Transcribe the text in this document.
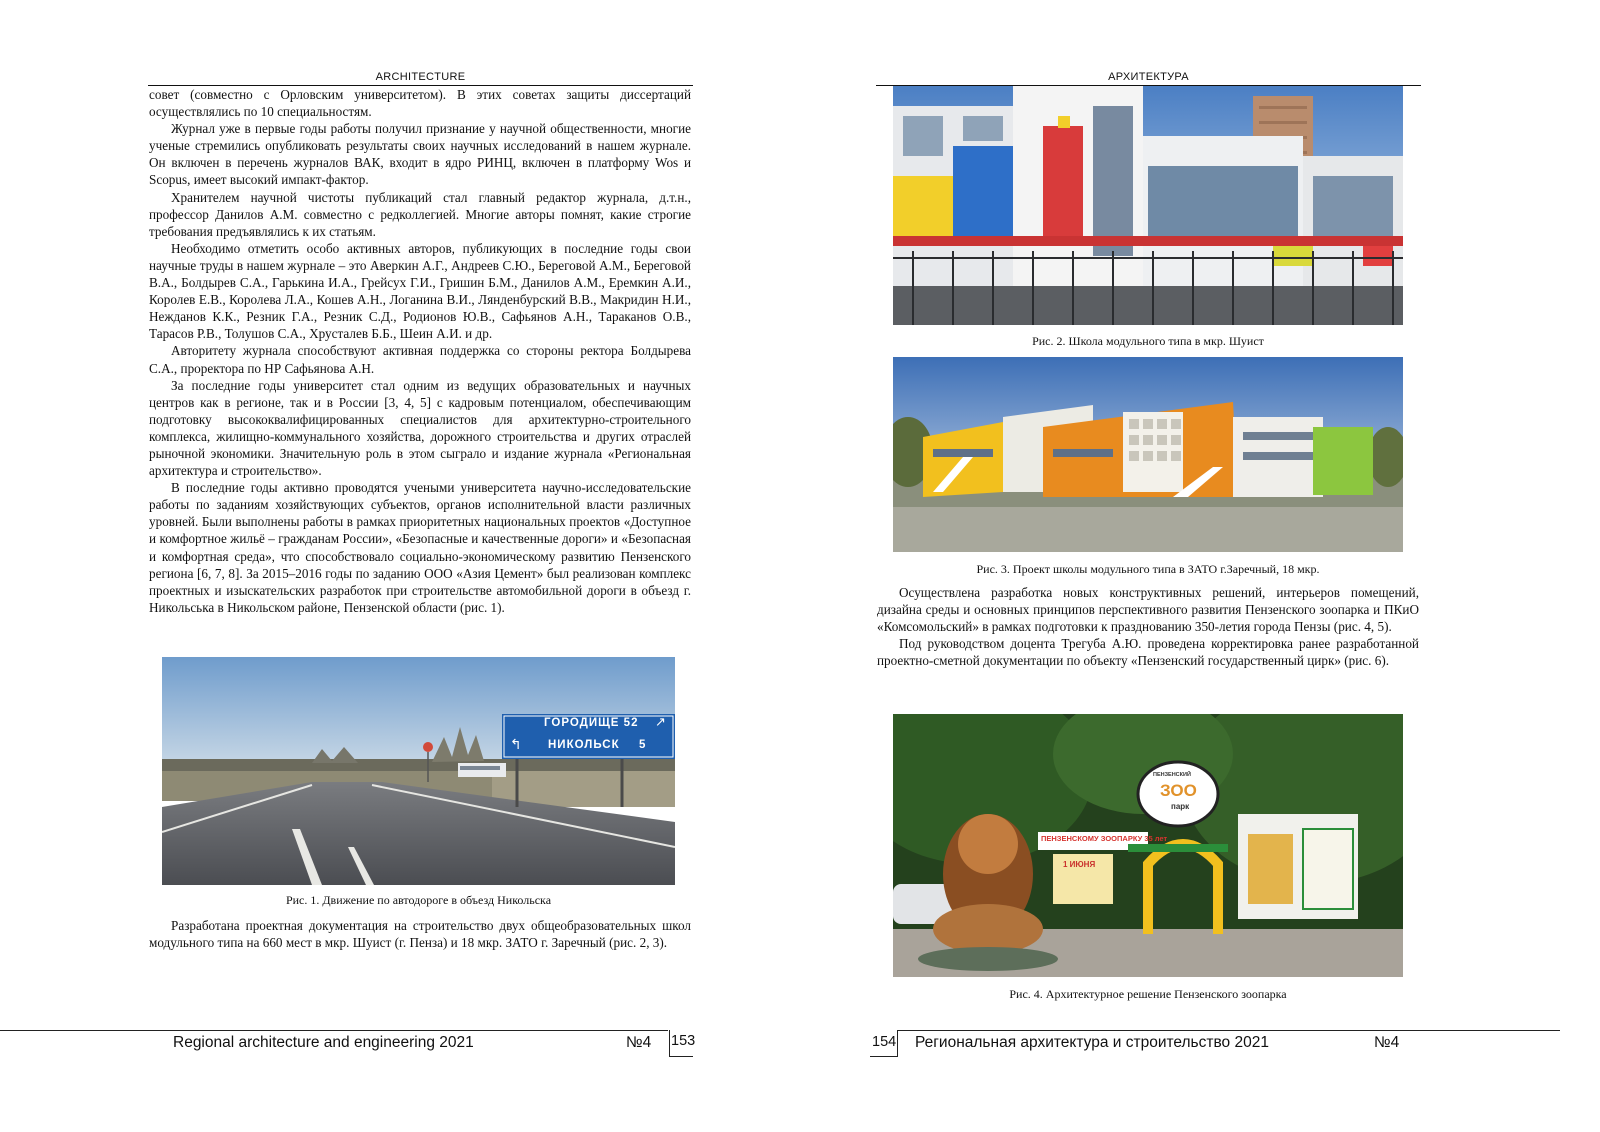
ARCHITECTURE

совет (совместно с Орловским университетом). В этих советах защиты диссертаций осуществлялись по 10 специальностям.

Журнал уже в первые годы работы получил признание у научной общественности, многие ученые стремились опубликовать результаты своих научных исследований в нашем журнале. Он включен в перечень журналов ВАК, входит в ядро РИНЦ, включен в платформу Wos и Scopus, имеет высокий импакт-фактор.

Хранителем научной чистоты публикаций стал главный редактор журнала, д.т.н., профессор Данилов А.М. совместно с редколлегией. Многие авторы помнят, какие строгие требования предъявлялись к их статьям.

Необходимо отметить особо активных авторов, публикующих в последние годы свои научные труды в нашем журнале – это Аверкин А.Г., Андреев С.Ю., Береговой А.М., Береговой В.А., Болдырев С.А., Гарькина И.А., Грейсух Г.И., Гришин Б.М., Данилов А.М., Еремкин А.И., Королев Е.В., Королева Л.А., Кошев А.Н., Логанина В.И., Лянденбурский В.В., Макридин Н.И., Нежданов К.К., Резник Г.А., Резник С.Д., Родионов Ю.В., Сафьянов А.Н., Тараканов О.В., Тарасов Р.В., Толушов С.А., Хрусталев Б.Б., Шеин А.И. и др.

Авторитету журнала способствуют активная поддержка со стороны ректора Болдырева С.А., проректора по НР Сафьянова А.Н.

За последние годы университет стал одним из ведущих образовательных и научных центров как в регионе, так и в России [3, 4, 5] с кадровым потенциалом, обеспечивающим подготовку высококвалифицированных специалистов для архитектурно-строительного комплекса, жилищно-коммунального хозяйства, дорожного строительства и других отраслей рыночной экономики. Значительную роль в этом сыграло и издание журнала «Региональная архитектура и строительство».

В последние годы активно проводятся учеными университета научно-исследовательские работы по заданиям хозяйствующих субъектов, органов исполнительной власти различных уровней. Были выполнены работы в рамках приоритетных национальных проектов «Доступное и комфортное жильё – гражданам России», «Безопасные и качественные дороги» и «Безопасная и комфортная среда», что способствовало социально-экономическому развитию Пензенского региона [6, 7, 8]. За 2015–2016 годы по заданию ООО «Азия Цемент» был реализован комплекс проектных и изыскательских разработок при строительстве автомобильной дороги в объезд г. Никольська в Никольском районе, Пензенской области (рис. 1).

ГОРОДИЩЕ 52
НИКОЛЬСК 5
↰
↗
Рис. 1. Движение по автодороге в объезд Никольска

Разработана проектная документация на строительство двух общеобразовательных школ модульного типа на 660 мест в мкр. Шуист (г. Пенза) и 18 мкр. ЗАТО г. Заречный (рис. 2, 3).

Regional architecture and engineering 2021	№4 153
АРХИТЕКТУРА
Рис. 2. Школа модульного типа в мкр. Шуист
Рис. 3. Проект школы модульного типа в ЗАТО г.Заречный, 18 мкр.

Осуществлена разработка новых конструктивных решений, интерьеров помещений, дизайна среды и основных принципов перспективного развития Пензенского зоопарка и ПКиО «Комсомольский» в рамках подготовки к празднованию 350-летия города Пензы (рис. 4, 5).

Под руководством доцента Трегуба А.Ю. проведена корректировка ранее разработанной проектно-сметной документации по объекту «Пензенский государственный цирк» (рис. 6).

ПЕНЗЕНСКОМУ ЗООПАРКУ 35 лет
1 ИЮНЯ
ПЕНЗЕНСКИЙ
ЗОО
парк
Рис. 4. Архитектурное решение Пензенского зоопарка
154 Региональная архитектура и строительство 2021	№4
